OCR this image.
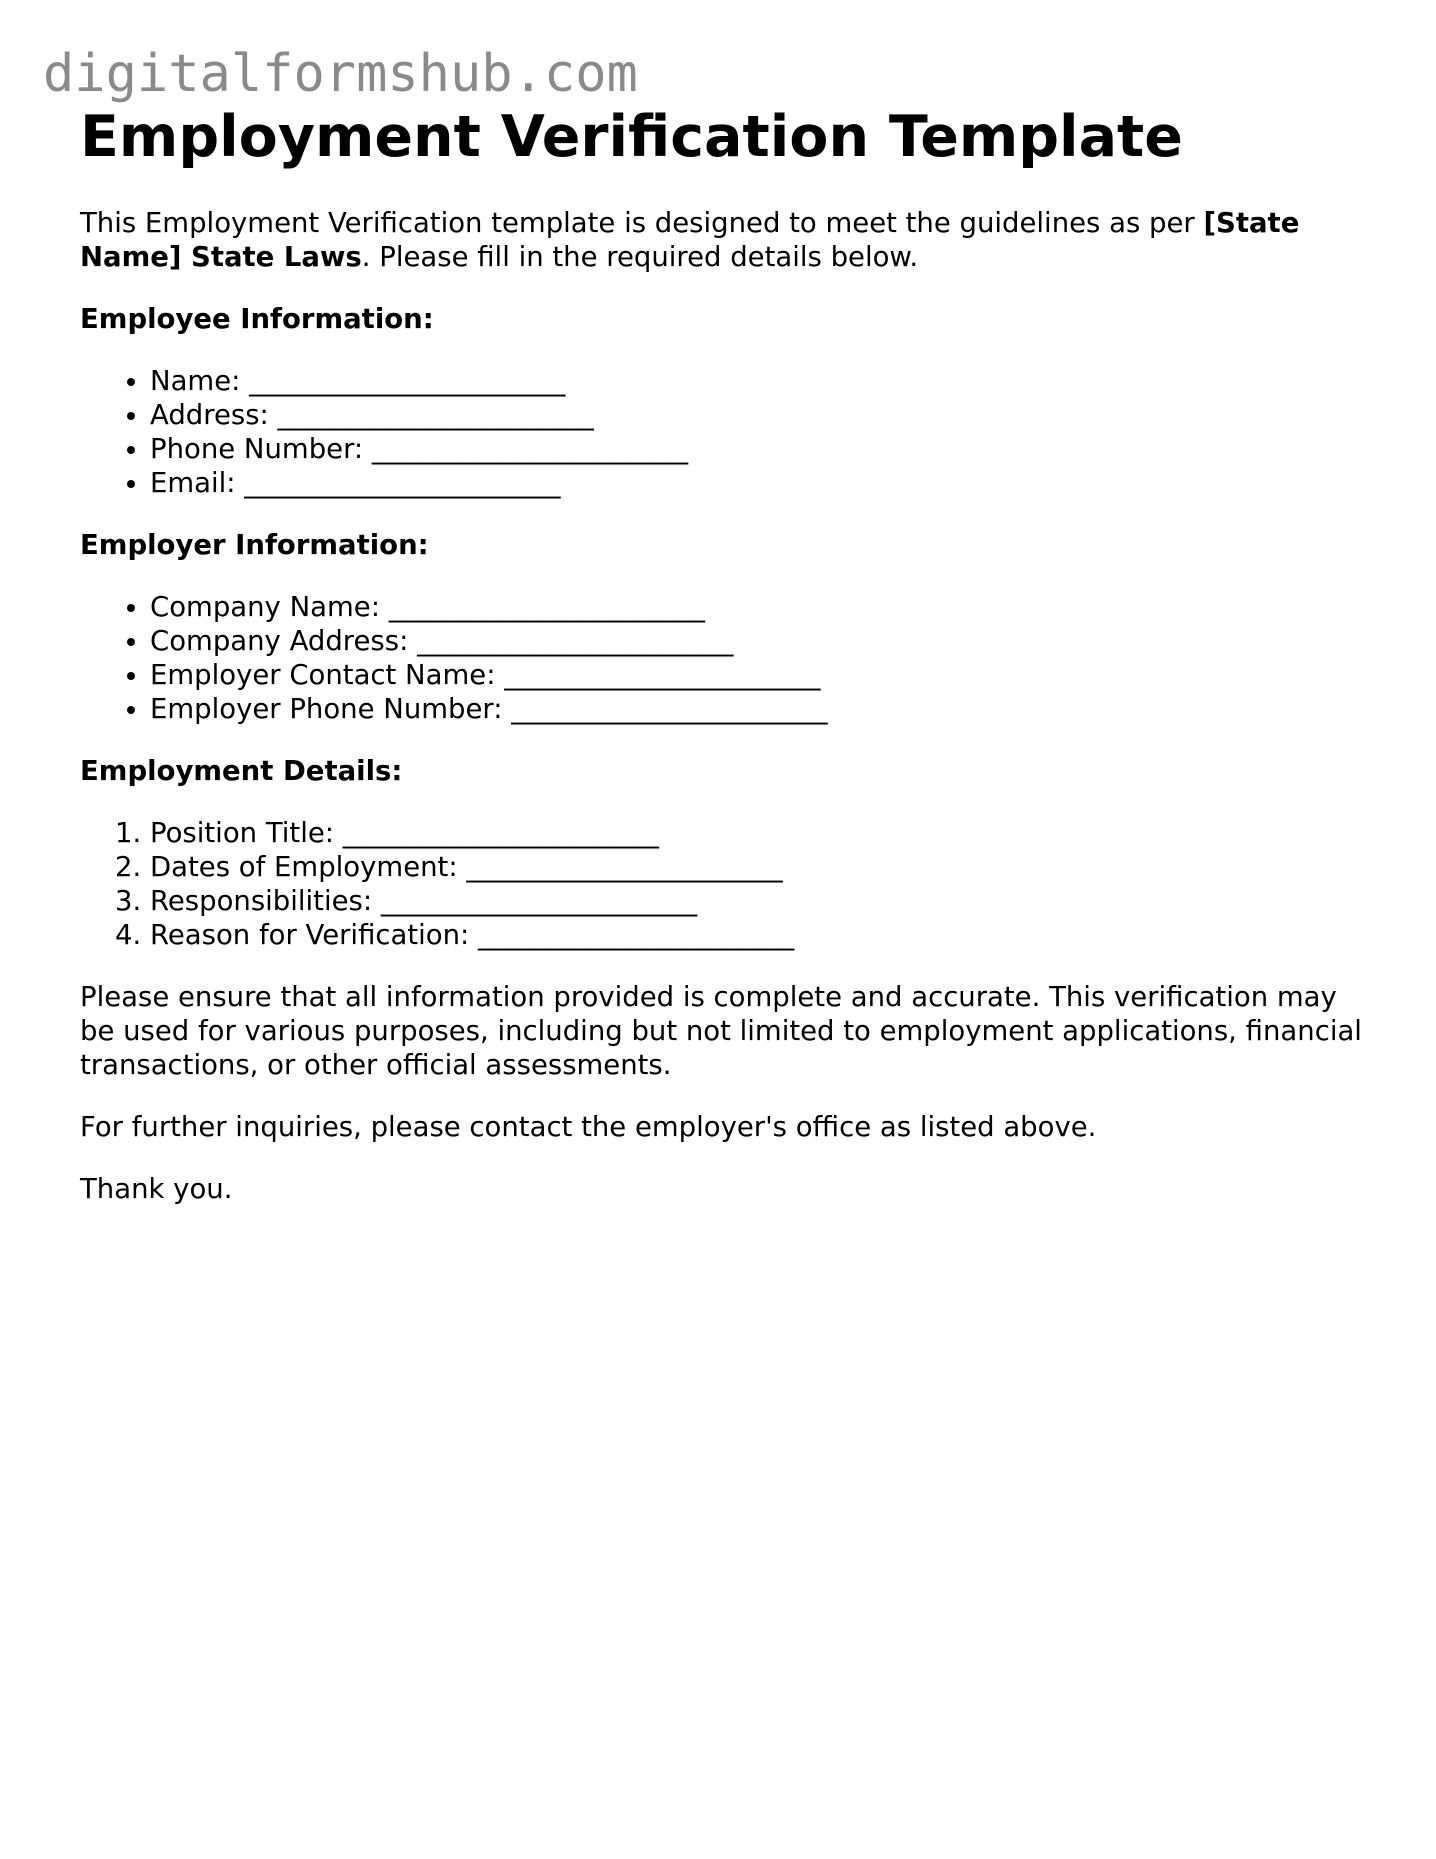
digitalformshub.com
Employment Verification Template

This Employment Verification template is designed to meet the guidelines as per [State Name] State Laws. Please fill in the required details below.

Employee Information:

• Name: _______________________
• Address: _______________________
• Phone Number: _______________________
• Email: _______________________

Employer Information:

• Company Name: _______________________
• Company Address: _______________________
• Employer Contact Name: _______________________
• Employer Phone Number: _______________________

Employment Details:

1. Position Title: _______________________
2. Dates of Employment: _______________________
3. Responsibilities: _______________________
4. Reason for Verification: _______________________

Please ensure that all information provided is complete and accurate. This verification may be used for various purposes, including but not limited to employment applications, financial transactions, or other official assessments.

For further inquiries, please contact the employer's office as listed above.

Thank you.
